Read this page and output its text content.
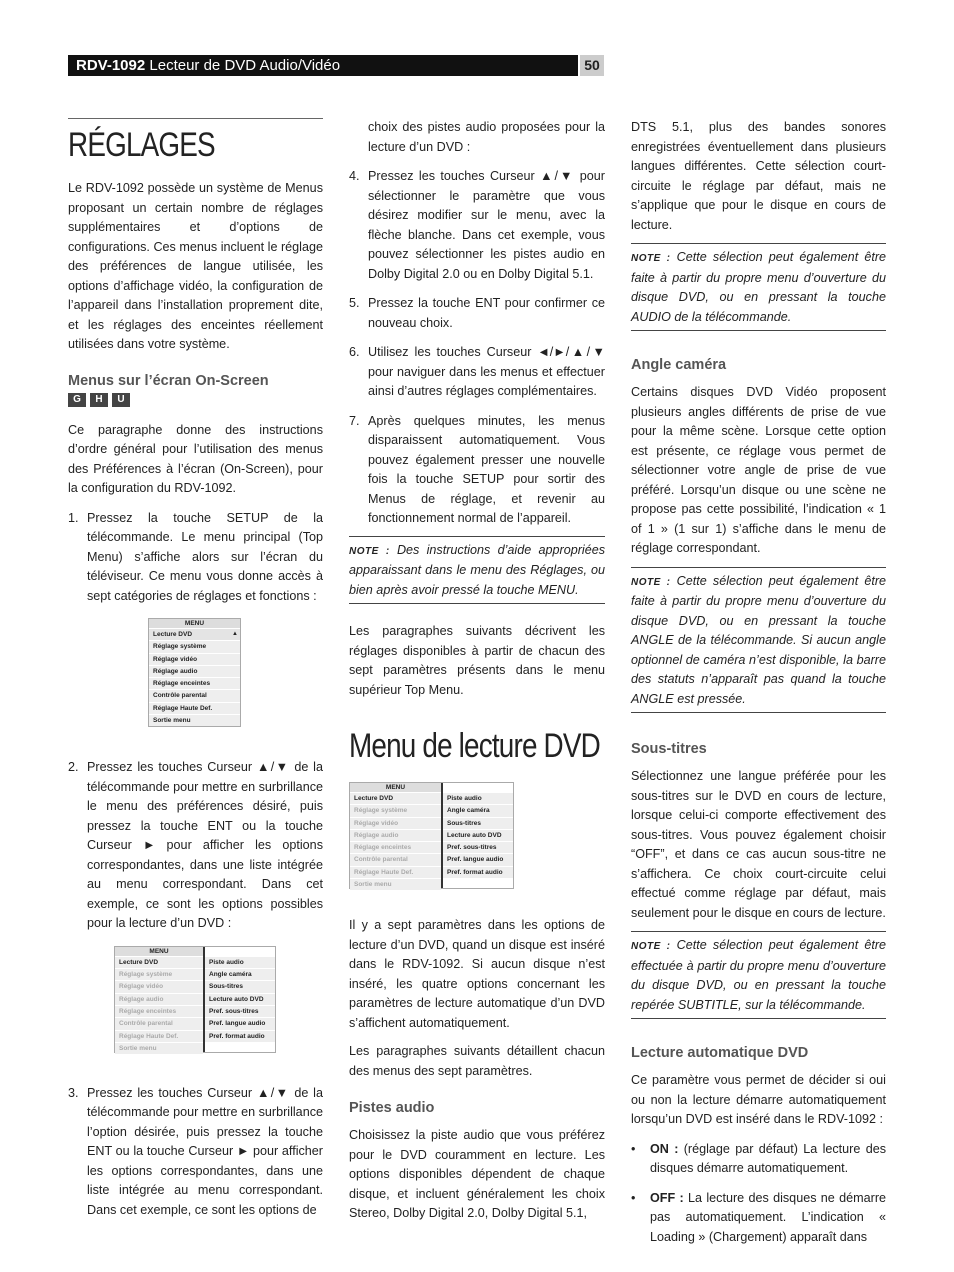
RDV-1092 Lecteur de DVD Audio/Vidéo	50
RÉGLAGES

Le RDV-1092 possède un système de Menus proposant un certain nombre de réglages supplémentaires et d’options de configurations. Ces menus incluent le réglage des préférences de langue utilisée, les options d’affichage vidéo, la configuration de l’appareil dans l’installation proprement dite, et les réglages des enceintes réellement utilisées dans votre système.

Menus sur l’écran On-Screen
G	H	U

Ce paragraphe donne des instructions d’ordre général pour l’utilisation des menus des Préférences à l’écran (On-Screen), pour la configuration du RDV-1092.

1. Pressez la touche SETUP de la télécommande. Le menu principal (Top Menu) s’affiche alors sur l’écran du téléviseur. Ce menu vous donne accès à sept catégories de réglages et fonctions :
MENU
Lecture DVD
Réglage système
Réglage vidéo
Réglage audio
Réglage enceintes
Contrôle parental
Réglage Haute Def.
Sortie menu
▲

2. Pressez les touches Curseur ▲/▼ de la télécommande pour mettre en surbrillance le menu des préférences désiré, puis pressez la touche ENT ou la touche Curseur ► pour afficher les options correspondantes, dans une liste intégrée au menu correspondant. Dans cet exemple, ce sont les options possibles pour la lecture d’un DVD :
MENU
Lecture DVD
Réglage système
Réglage vidéo
Réglage audio
Réglage enceintes
Contrôle parental
Réglage Haute Def.
Sortie menu
Piste audio
Angle caméra
Sous-titres
Lecture auto DVD
Pref. sous-titres
Pref. langue audio
Pref. format audio
3. Pressez les touches Curseur ▲/▼ de la télécommande pour mettre en surbrillance l’option désirée, puis pressez la touche ENT ou la touche Curseur ► pour afficher les options correspondantes, dans une liste intégrée au menu correspondant. Dans cet exemple, ce sont les options de
choix des pistes audio proposées pour la lecture d’un DVD :
4. Pressez les touches Curseur ▲/▼ pour sélectionner le paramètre que vous désirez modifier sur le menu, avec la flèche blanche. Dans cet exemple, vous pouvez sélectionner les pistes audio en Dolby Digital 2.0 ou en Dolby Digital 5.1.
5. Pressez la touche ENT pour confirmer ce nouveau choix.
6. Utilisez les touches Curseur ◄/►/▲/▼ pour naviguer dans les menus et effectuer ainsi d’autres réglages complémentaires.
7. Après quelques minutes, les menus disparaissent automatiquement. Vous pouvez également presser une nouvelle fois la touche SETUP pour sortir des Menus de réglage, et revenir au fonctionnement normal de l’appareil.
NOTE : Des instructions d’aide appropriées apparaissant dans le menu des Réglages, ou bien après avoir pressé la touche MENU.

Les paragraphes suivants décrivent les réglages disponibles à partir de chacun des sept paramètres présents dans le menu supérieur Top Menu.

Menu de lecture DVD
MENU
Lecture DVD
Réglage système
Réglage vidéo
Réglage audio
Réglage enceintes
Contrôle parental
Réglage Haute Def.
Sortie menu
Piste audio
Angle caméra
Sous-titres
Lecture auto DVD
Pref. sous-titres
Pref. langue audio
Pref. format audio

Il y a sept paramètres dans les options de lecture d’un DVD, quand un disque est inséré dans le RDV-1092. Si aucun disque n’est inséré, les quatre options concernant les paramètres de lecture automatique d’un DVD s’affichent automatiquement.

Les paragraphes suivants détaillent chacun des menus des sept paramètres.

Pistes audio

Choisissez la piste audio que vous préférez pour le DVD couramment en lecture. Les options disponibles dépendent de chaque disque, et incluent généralement les choix Stereo, Dolby Digital 2.0, Dolby Digital 5.1,

DTS 5.1, plus des bandes sonores enregistrées éventuellement dans plusieurs langues différentes. Cette sélection court-circuite le réglage par défaut, mais ne s’applique que pour le disque en cours de lecture.

NOTE : Cette sélection peut également être faite à partir du propre menu d’ouverture du disque DVD, ou en pressant la touche AUDIO de la télécommande.
Angle caméra

Certains disques DVD Vidéo proposent plusieurs angles différents de prise de vue pour la même scène. Lorsque cette option est présente, ce réglage vous permet de sélectionner votre angle de prise de vue préféré. Lorsqu’un disque ou une scène ne propose pas cette possibilité, l’indication « 1 of 1 » (1 sur 1) s’affiche dans le menu de réglage correspondant.

NOTE : Cette sélection peut également être faite à partir du propre menu d’ouverture du disque DVD, ou en pressant la touche ANGLE de la télécommande. Si aucun angle optionnel de caméra n’est disponible, la barre des statuts n’apparaît pas quand la touche ANGLE est pressée.
Sous-titres

Sélectionnez une langue préférée pour les sous-titres sur le DVD en cours de lecture, lorsque celui-ci comporte effectivement des sous-titres. Vous pouvez également choisir “OFF”, et dans ce cas aucun sous-titre ne s’affichera. Ce choix court-circuite celui effectué comme réglage par défaut, mais seulement pour le disque en cours de lecture.

NOTE : Cette sélection peut également être effectuée à partir du propre menu d’ouverture du disque DVD, ou en pressant la touche repérée SUBTITLE, sur la télécommande.
Lecture automatique DVD

Ce paramètre vous permet de décider si oui ou non la lecture démarre automatiquement lorsqu’un DVD est inséré dans le RDV-1092 :

• ON : (réglage par défaut) La lecture des disques démarre automatiquement.
• OFF : La lecture des disques ne démarre pas automatiquement. L’indication « Loading » (Chargement) apparaît dans
